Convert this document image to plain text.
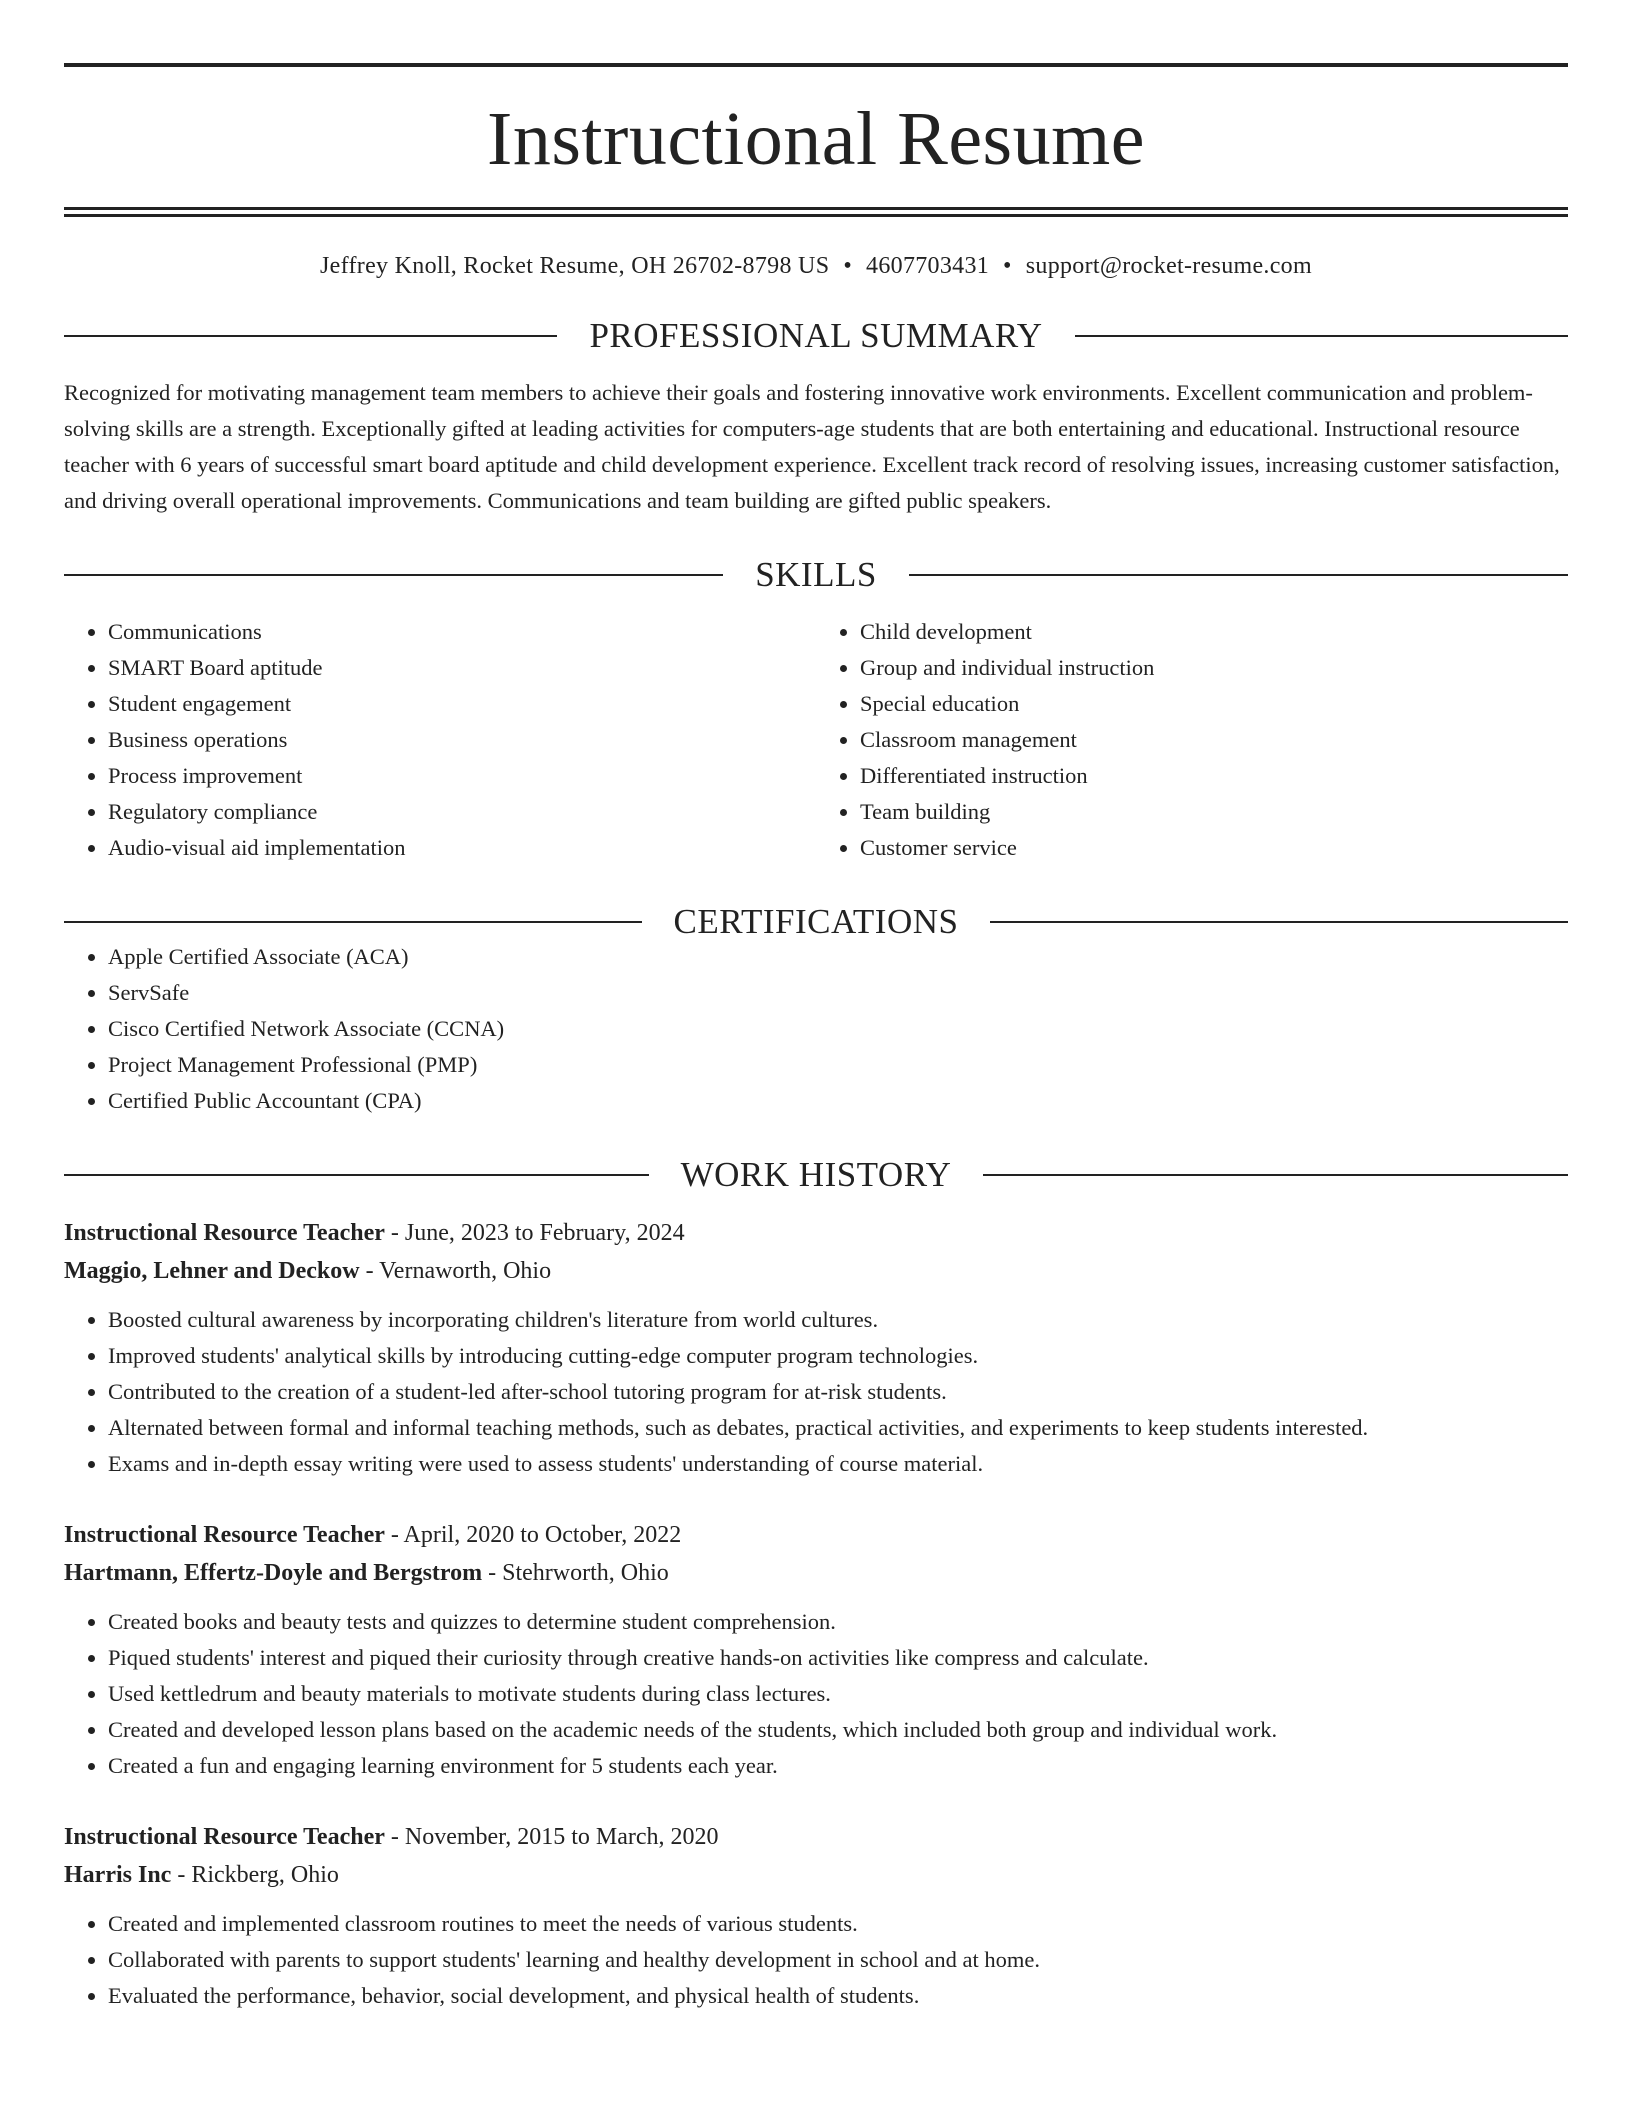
Instructional Resume
Jeffrey Knoll, Rocket Resume, OH 26702-8798 US • 4607703431 • support@rocket-resume.com
PROFESSIONAL SUMMARY

Recognized for motivating management team members to achieve their goals and fostering innovative work environments. Excellent communication and problem-solving skills are a strength. Exceptionally gifted at leading activities for computers-age students that are both entertaining and educational. Instructional resource teacher with 6 years of successful smart board aptitude and child development experience. Excellent track record of resolving issues, increasing customer satisfaction, and driving overall operational improvements. Communications and team building are gifted public speakers.

SKILLS
• Communications
• SMART Board aptitude
• Student engagement
• Business operations
• Process improvement
• Regulatory compliance
• Audio-visual aid implementation
• Child development
• Group and individual instruction
• Special education
• Classroom management
• Differentiated instruction
• Team building
• Customer service
CERTIFICATIONS
• Apple Certified Associate (ACA)
• ServSafe
• Cisco Certified Network Associate (CCNA)
• Project Management Professional (PMP)
• Certified Public Accountant (CPA)
WORK HISTORY
Instructional Resource Teacher - June, 2023 to February, 2024
Maggio, Lehner and Deckow - Vernaworth, Ohio
• Boosted cultural awareness by incorporating children's literature from world cultures.
• Improved students' analytical skills by introducing cutting-edge computer program technologies.
• Contributed to the creation of a student-led after-school tutoring program for at-risk students.
• Alternated between formal and informal teaching methods, such as debates, practical activities, and experiments to keep students interested.
• Exams and in-depth essay writing were used to assess students' understanding of course material.
Instructional Resource Teacher - April, 2020 to October, 2022
Hartmann, Effertz-Doyle and Bergstrom - Stehrworth, Ohio
• Created books and beauty tests and quizzes to determine student comprehension.
• Piqued students' interest and piqued their curiosity through creative hands-on activities like compress and calculate.
• Used kettledrum and beauty materials to motivate students during class lectures.
• Created and developed lesson plans based on the academic needs of the students, which included both group and individual work.
• Created a fun and engaging learning environment for 5 students each year.
Instructional Resource Teacher - November, 2015 to March, 2020
Harris Inc - Rickberg, Ohio
• Created and implemented classroom routines to meet the needs of various students.
• Collaborated with parents to support students' learning and healthy development in school and at home.
• Evaluated the performance, behavior, social development, and physical health of students.
